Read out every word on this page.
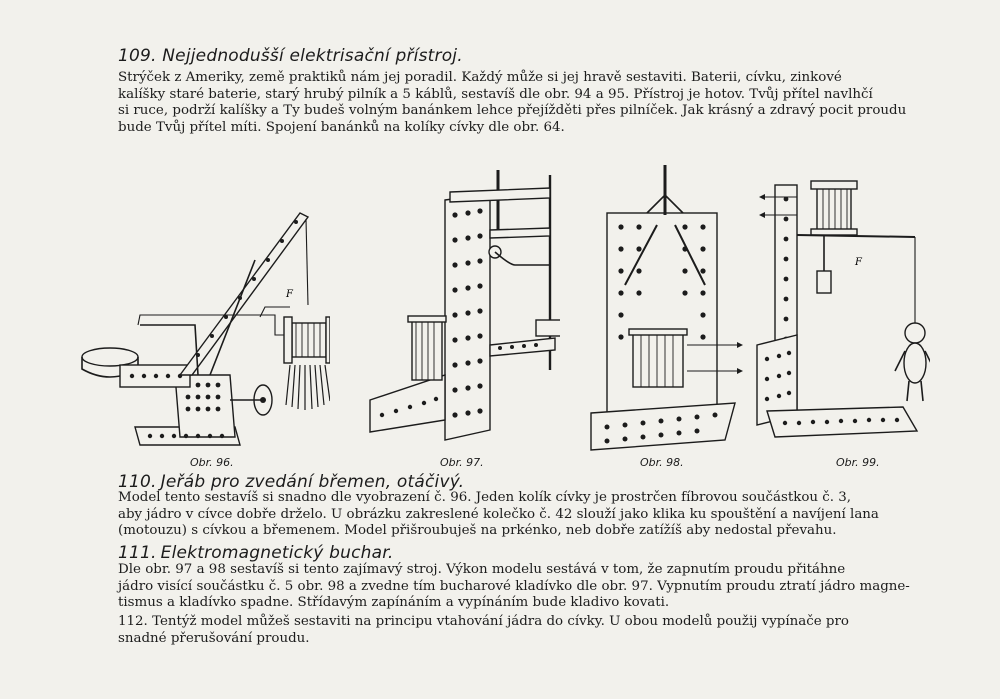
109. Nejjednodušší elektrisační přístroj.
Strýček z Ameriky, země praktiků nám jej poradil. Každý může si jej hravě sestaviti. Baterii, cívku, zinkové
kalíšky staré baterie, starý hrubý pilník a 5 káblů, sestavíš dle obr. 94 a 95. Přístroj je hotov. Tvůj přítel navlhčí
si ruce, podrží kalíšky a Ty budeš volným banánkem lehce přejížděti přes pilníček. Jak krásný a zdravý pocit proudu
bude Tvůj přítel míti. Spojení banánků na kolíky cívky dle obr. 64.
F
F
Obr. 96.	Obr. 97.	Obr. 98.	Obr. 99.
110. Jeřáb pro zvedání břemen, otáčivý.
Model tento sestavíš si snadno dle vyobrazení č. 96. Jeden kolík cívky je prostrčen fíbrovou součástkou č. 3,
aby jádro v cívce dobře drželo. U obrázku zakreslené kolečko č. 42 slouží jako klika ku spouštění a navíjení lana
(motouzu) s cívkou a břemenem. Model přišroubuješ na prkénko, neb dobře zatížíš aby nedostal převahu.
111. Elektromagnetický buchar.
Dle obr. 97 a 98 sestavíš si tento zajímavý stroj. Výkon modelu sestává v tom, že zapnutím proudu přitáhne
jádro visící součástku č. 5 obr. 98 a zvedne tím bucharové kladívko dle obr. 97. Vypnutím proudu ztratí jádro magne-
tismus a kladívko spadne. Střídavým zapínáním a vypínáním bude kladivo kovati.
112. Tentýž model můžeš sestaviti na principu vtahování jádra do cívky. U obou modelů použij vypínače pro
snadné přerušování proudu.
